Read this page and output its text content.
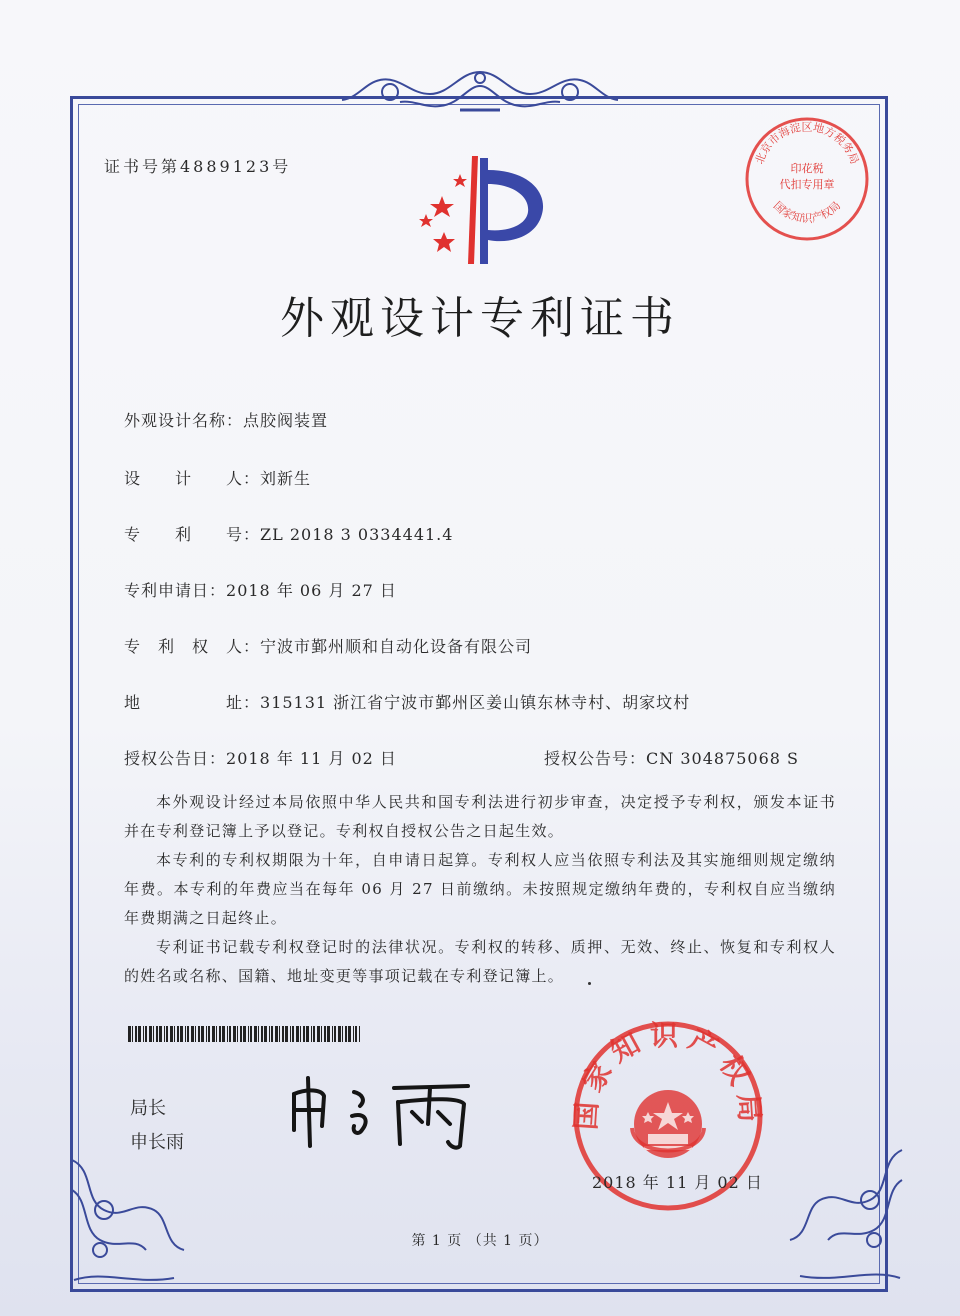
证书号第4889123号
外观设计专利证书
外观设计名称：点胶阀装置
设　　计　　人：刘新生
专　　利　　号：ZL 2018 3 0334441.4
专利申请日：2018 年 06 月 27 日
专　利　权　人：宁波市鄞州顺和自动化设备有限公司
地　　　　　址：315131 浙江省宁波市鄞州区姜山镇东林寺村、胡家坟村
授权公告日：2018 年 11 月 02 日	授权公告号：CN 304875068 S

本外观设计经过本局依照中华人民共和国专利法进行初步审查，决定授予专利权，颁发本证书并在专利登记簿上予以登记。专利权自授权公告之日起生效。

本专利的专利权期限为十年，自申请日起算。专利权人应当依照专利法及其实施细则规定缴纳年费。本专利的年费应当在每年 06 月 27 日前缴纳。未按照规定缴纳年费的，专利权自应当缴纳年费期满之日起终止。

专利证书记载专利权登记时的法律状况。专利权的转移、质押、无效、终止、恢复和专利权人的姓名或名称、国籍、地址变更等事项记载在专利登记簿上。

局长
申长雨
国家知识产权局
2018 年 11 月 02 日
北京市海淀区地方税务局
印花税
代扣专用章
国家知识产权局
第 1 页 （共 1 页）
